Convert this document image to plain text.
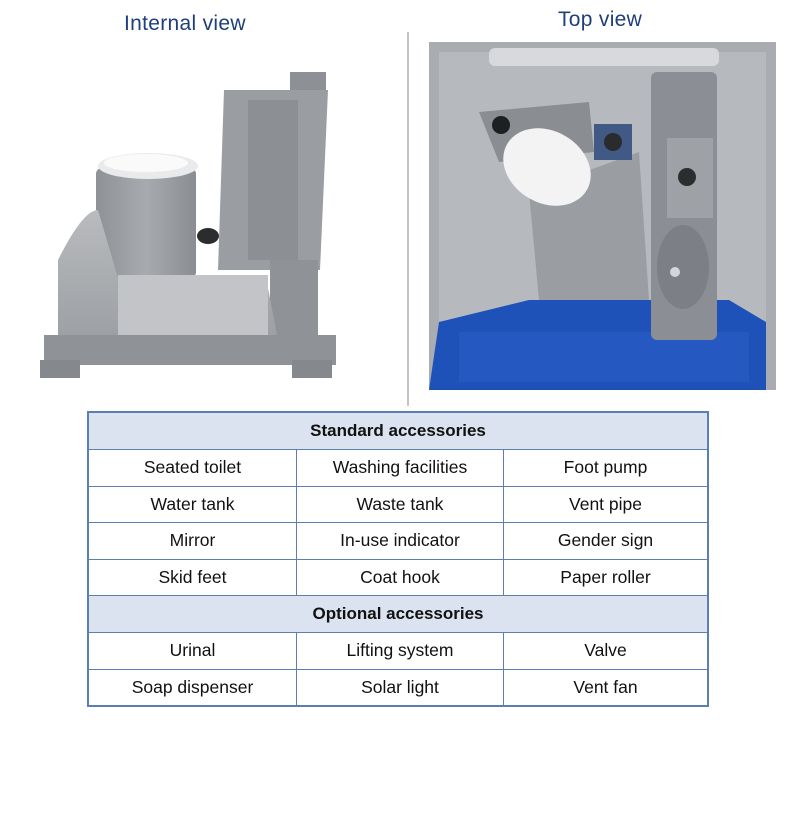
Internal view	Top view
Standard accessories		
Seated toilet	Washing facilities	Foot pump
Water tank	Waste tank	Vent pipe
Mirror	In-use indicator	Gender sign
Skid feet	Coat hook	Paper roller
Optional accessories		
Urinal	Lifting system	Valve
Soap dispenser	Solar light	Vent fan
